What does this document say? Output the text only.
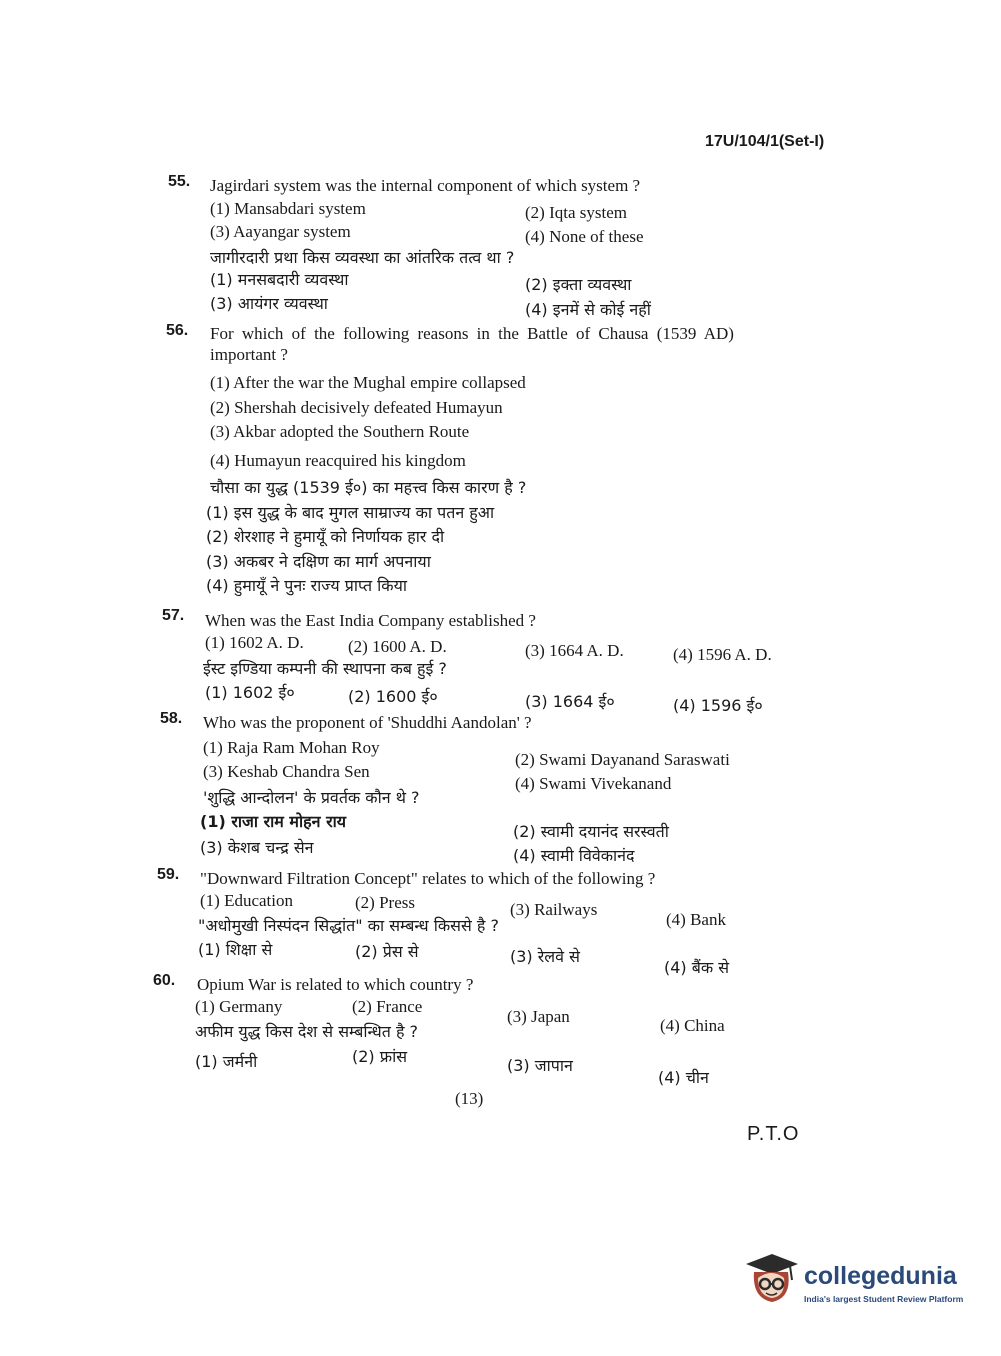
17U/104/1(Set-I)
55. Jagirdari system was the internal component of which system ?
(1) Mansabdari system	(2) Iqta system
(3) Aayangar system	(4) None of these
जागीरदारी प्रथा किस व्यवस्था का आंतरिक तत्व था ?
(1) मनसबदारी व्यवस्था	(2) इक्ता व्यवस्था
(3) आयंगर व्यवस्था	(4) इनमें से कोई नहीं
56. For which of the following reasons in the Battle of Chausa (1539 AD)
important ?
(1) After the war the Mughal empire collapsed
(2) Shershah decisively defeated Humayun
(3) Akbar adopted the Southern Route
(4) Humayun reacquired his kingdom
चौसा का युद्ध (1539 ई०) का महत्त्व किस कारण है ?
(1) इस युद्ध के बाद मुगल साम्राज्य का पतन हुआ
(2) शेरशाह ने हुमायूँ को निर्णायक हार दी
(3) अकबर ने दक्षिण का मार्ग अपनाया
(4) हुमायूँ ने पुनः राज्य प्राप्त किया
57. When was the East India Company established ?
(1) 1602 A. D.	(2) 1600 A. D.	(3) 1664 A. D.	(4) 1596 A. D.
ईस्ट इण्डिया कम्पनी की स्थापना कब हुई ?
(1) 1602 ई०	(2) 1600 ई०	(3) 1664 ई०	(4) 1596 ई०
58. Who was the proponent of 'Shuddhi Aandolan' ?
(1) Raja Ram Mohan Roy
(2) Swami Dayanand Saraswati
(3) Keshab Chandra Sen
(4) Swami Vivekanand
'शुद्धि आन्दोलन' के प्रवर्तक कौन थे ?
(1) राजा राम मोहन राय
(2) स्वामी दयानंद सरस्वती
(3) केशब चन्द्र सेन	(4) स्वामी विवेकानंद
59. "Downward Filtration Concept" relates to which of the following ?
(1) Education	(2) Press	(3) Railways
(4) Bank
"अधोमुखी निस्पंदन सिद्धांत" का सम्बन्ध किससे है ?
(1) शिक्षा से	(2) प्रेस से	(3) रेलवे से
(4) बैंक से
60. Opium War is related to which country ?
(1) Germany	(2) France
(3) Japan	(4) China
अफीम युद्ध किस देश से सम्बन्धित है ?
(1) जर्मनी	(2) फ्रांस	(3) जापान
(4) चीन
(13)
P.T.O
collegedunia
India's largest Student Review Platform
